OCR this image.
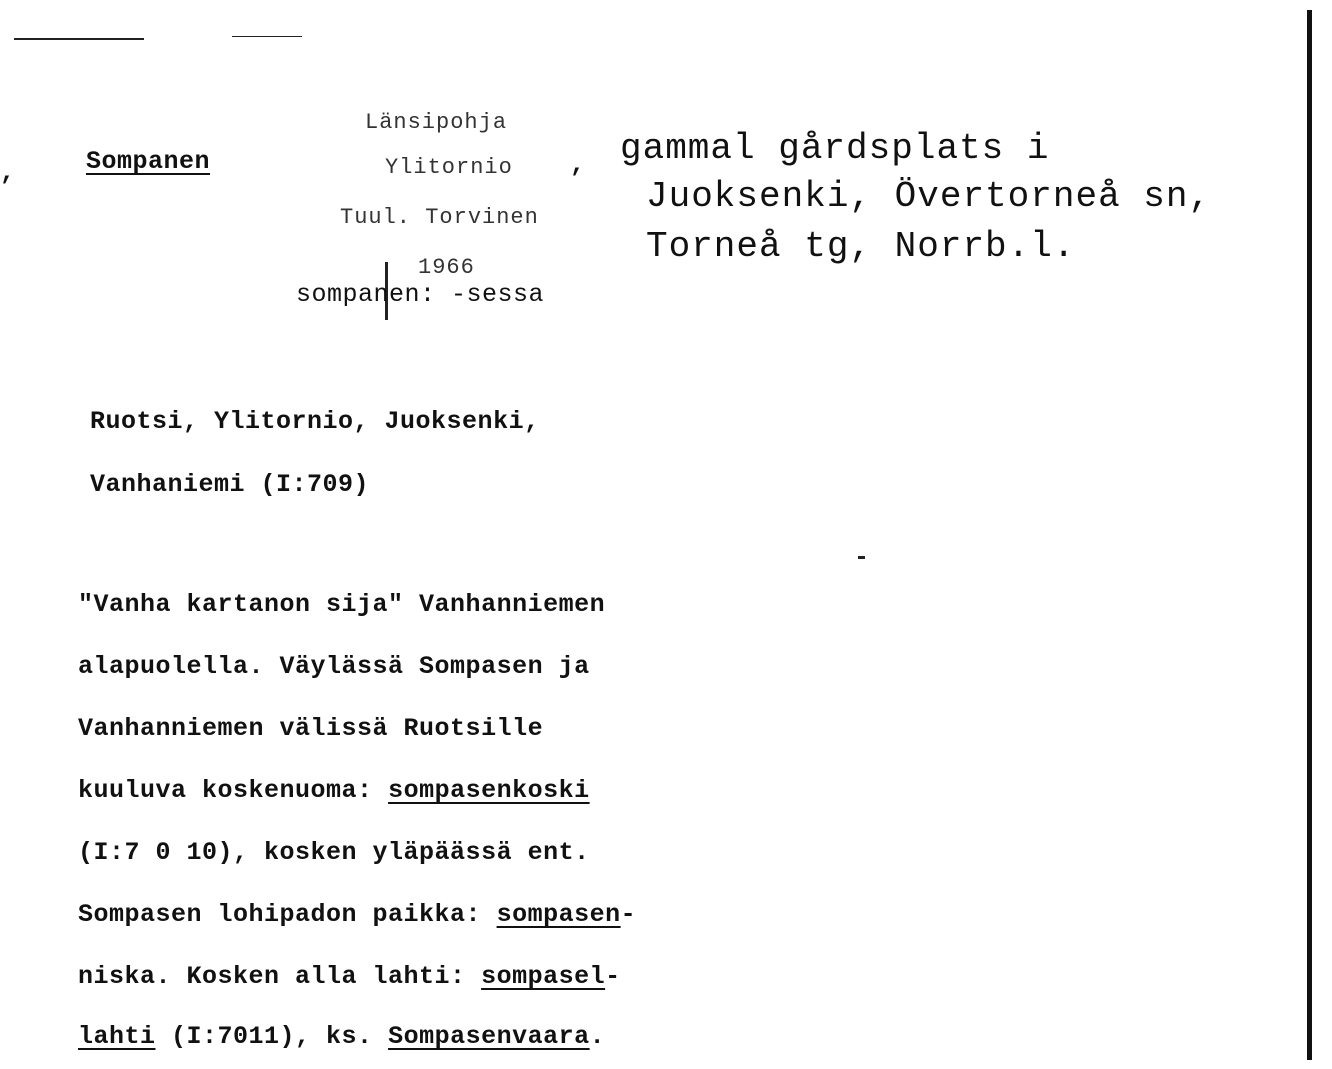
,	Sompanen
Länsipohja
Ylitornio ,
Tuul. Torvinen
1966
sompanen: -sessa
gammal gårdsplats i
Juoksenki, Övertorneå sn,
Torneå tg, Norrb.l.
Ruotsi, Ylitornio, Juoksenki,
Vanhaniemi (I:709)
"Vanha kartanon sija" Vanhanniemen
alapuolella. Väylässä Sompasen ja
Vanhanniemen välissä Ruotsille
kuuluva koskenuoma: sompasenkoski
(I:7 0 10), kosken yläpäässä ent.
Sompasen lohipadon paikka: sompasen-
niska. Kosken alla lahti: sompasel-
lahti (I:7011), ks. Sompasenvaara.
